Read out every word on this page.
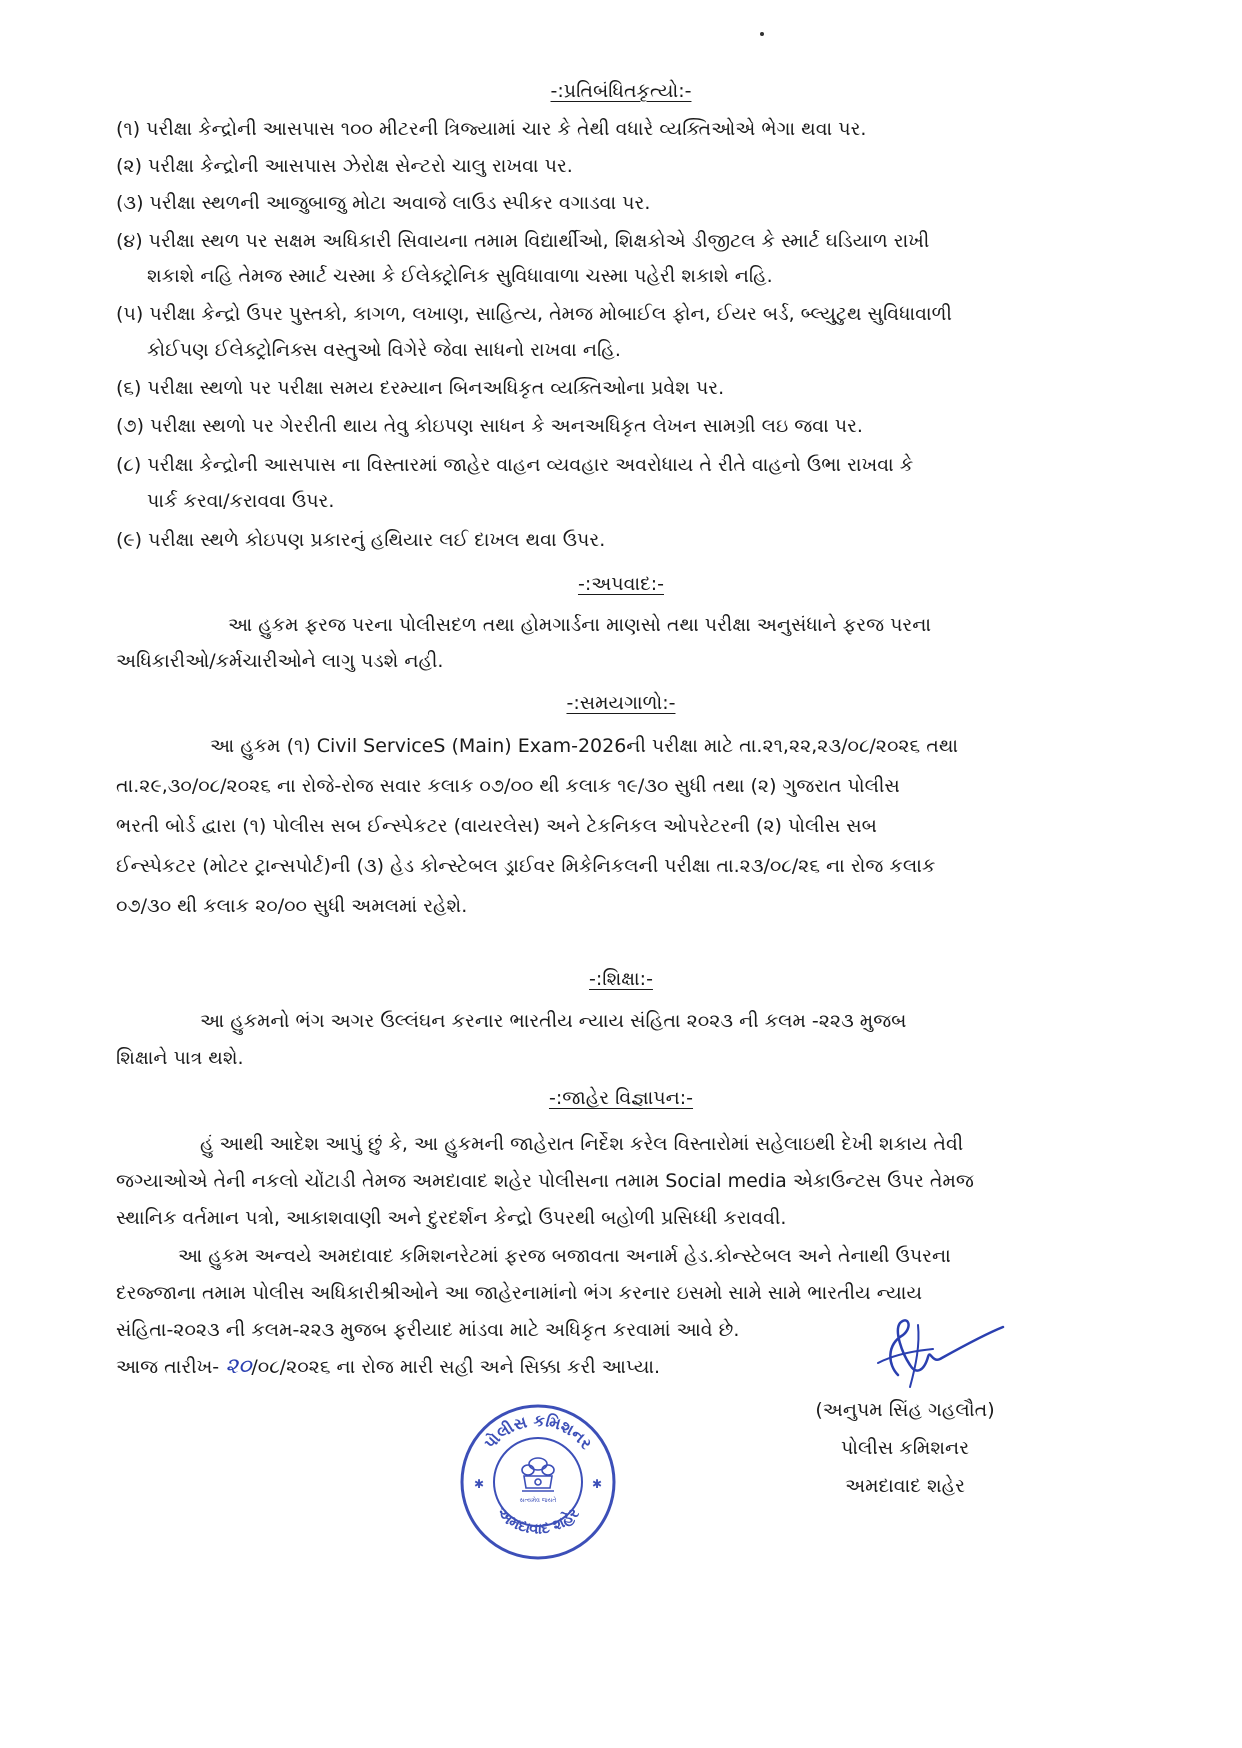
-:પ્રતિબંધિતકૃત્યો:-
(૧) પરીક્ષા કેન્દ્રોની આસપાસ ૧૦૦ મીટરની ત્રિજ્યામાં ચાર કે તેથી વધારે વ્યક્તિઓએ ભેગા થવા પર.
(૨) પરીક્ષા કેન્દ્રોની આસપાસ ઝેરોક્ષ સેન્ટરો ચાલુ રાખવા પર.
(૩) પરીક્ષા સ્થળની આજુબાજુ મોટા અવાજે લાઉડ સ્પીકર વગાડવા પર.
(૪) પરીક્ષા સ્થળ પર સક્ષમ અધિકારી સિવાયના તમામ વિદ્યાર્થીઓ, શિક્ષકોએ ડીજીટલ કે સ્માર્ટ ઘડિયાળ રાખી
શકાશે નહિ તેમજ સ્માર્ટ ચસ્મા કે ઈલેક્ટ્રોનિક સુવિધાવાળા ચસ્મા પહેરી શકાશે નહિ.
(૫) પરીક્ષા કેન્દ્રો ઉપર પુસ્તકો, કાગળ, લખાણ, સાહિત્ય, તેમજ મોબાઈલ ફોન, ઈયર બર્ડ, બ્લ્યુટુથ સુવિધાવાળી
કોઈપણ ઈલેક્ટ્રોનિક્સ વસ્તુઓ વિગેરે જેવા સાધનો રાખવા નહિ.
(૬) પરીક્ષા સ્થળો પર પરીક્ષા સમય દરમ્યાન બિનઅધિકૃત વ્યક્તિઓના પ્રવેશ પર.
(૭) પરીક્ષા સ્થળો પર ગેરરીતી થાય તેવુ કોઇપણ સાધન કે અનઅધિકૃત લેખન સામગ્રી લઇ જવા પર.
(૮) પરીક્ષા કેન્દ્રોની આસપાસ ના વિસ્તારમાં જાહેર વાહન વ્યવહાર અવરોધાય તે રીતે વાહનો ઉભા રાખવા કે
પાર્ક કરવા/કરાવવા ઉપર.
(૯) પરીક્ષા સ્થળે કોઇપણ પ્રકારનું હથિયાર લઈ દાખલ થવા ઉપર.
-:અપવાદ:-
આ હુકમ ફરજ પરના પોલીસદળ તથા હોમગાર્ડના માણસો તથા પરીક્ષા અનુસંધાને ફરજ પરના
અધિકારીઓ/કર્મચારીઓને લાગુ પડશે નહી.
-:સમયગાળો:-
આ હુકમ (૧) Civil ServiceS (Main) Exam-2026ની પરીક્ષા માટે તા.૨૧,૨૨,૨૩/૦૮/૨૦૨૬ તથા
તા.૨૯,૩૦/૦૮/૨૦૨૬ ના રોજે-રોજ સવાર કલાક ૦૭/૦૦ થી કલાક ૧૯/૩૦ સુધી તથા (૨) ગુજરાત પોલીસ
ભરતી બોર્ડ દ્વારા (૧) પોલીસ સબ ઈન્સ્પેકટર (વાયરલેસ) અને ટેકનિકલ ઓપરેટરની (૨) પોલીસ સબ
ઈન્સ્પેકટર (મોટર ટ્રાન્સપોર્ટ)ની (૩) હેડ કોન્સ્ટેબલ ડ્રાઈવર મિકેનિકલની પરીક્ષા તા.૨૩/૦૮/૨૬ ના રોજ કલાક
૦૭/૩૦ થી કલાક ૨૦/૦૦ સુધી અમલમાં રહેશે.
-:શિક્ષા:-
આ હુકમનો ભંગ અગર ઉલ્લંઘન કરનાર ભારતીય ન્યાય સંહિતા ૨૦૨૩ ની કલમ -૨૨૩ મુજબ
શિક્ષાને પાત્ર થશે.
-:જાહેર વિજ્ઞાપન:-
હું આથી આદેશ આપું છું કે, આ હુકમની જાહેરાત નિર્દેશ કરેલ વિસ્તારોમાં સહેલાઇથી દેખી શકાય તેવી
જગ્યાઓએ તેની નકલો ચોંટાડી તેમજ અમદાવાદ શહેર પોલીસના તમામ Social media એકાઉન્ટસ ઉપર તેમજ
સ્થાનિક વર્તમાન પત્રો, આકાશવાણી અને દુરદર્શન કેન્દ્રો ઉપરથી બહોળી પ્રસિધ્ધી કરાવવી.
આ હુકમ અન્વયે અમદાવાદ કમિશનરેટમાં ફરજ બજાવતા અનાર્મ હેડ.કોન્સ્ટેબલ અને તેનાથી ઉપરના
દરજ્જાના તમામ પોલીસ અધિકારીશ્રીઓને આ જાહેરનામાંનો ભંગ કરનાર ઇસમો સામે સામે ભારતીય ન્યાય
સંહિતા-૨૦૨૩ ની કલમ-૨૨૩ મુજબ ફરીયાદ માંડવા માટે અધિકૃત કરવામાં આવે છે.
આજ તારીખ- ૨૦/૦૮/૨૦૨૬ ના રોજ મારી સહી અને સિક્કા કરી આપ્યા.
(અનુપમ સિંહ ગહલૌત)
પોલીસ કમિશનર
અમદાવાદ શહેર
પોલીસ કમિશનર
અમદાવાદ શહેર
✱	✱
સત્યમેવ જયતે
